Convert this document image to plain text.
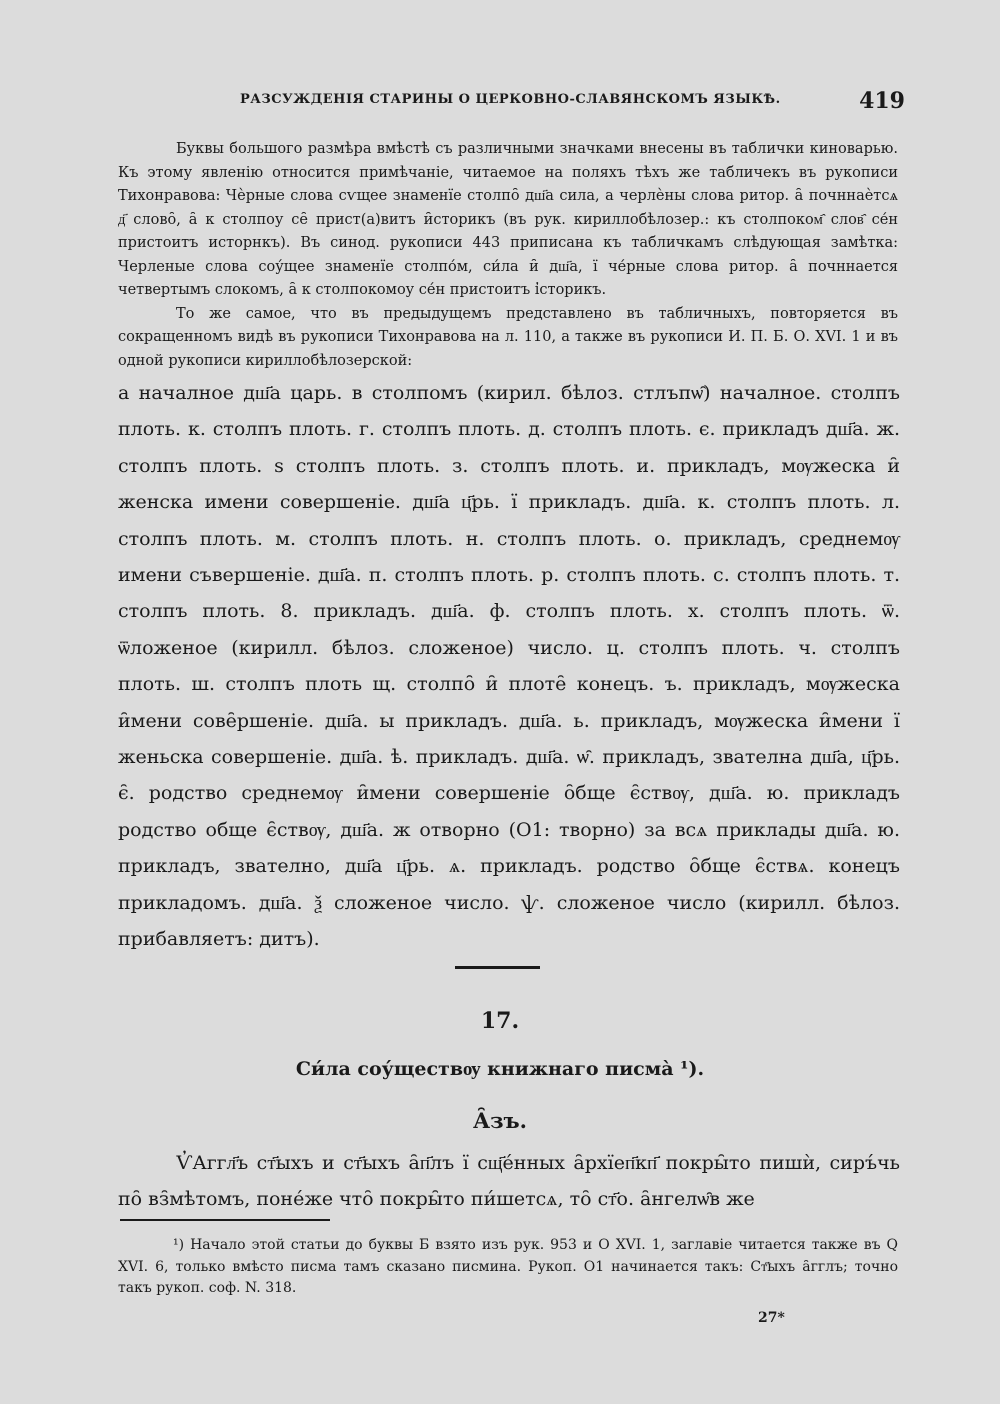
РАЗСУЖДЕНІЯ СТАРИНЫ О ЦЕРКОВНО-СЛАВЯНСКОМЪ ЯЗЫКѢ.	419

Буквы большого размѣра вмѣстѣ съ различными значками внесены въ таблички киноварью. Къ этому явленію относится примѣчаніе, читаемое на поляхъ тѣхъ же табличекъ въ рукописи Тихонравова: Чѐрные слова сѵщее знаменїе столпо̑ дш҃а сила, а черлѐны слова ритор. а̑ почннаѐтсѧ д҃ слово̑, а̑ к столпоу се̑ прист(а)витъ и̑сторикъ (въ рук. кириллобѣлозер.: къ столпоком҄ слов҄ се́н пристоитъ исторнкъ). Въ синод. рукописи 443 приписана къ табличкамъ слѣдующая замѣтка: Черленые слова соу́щее знаменїе столпо́м, си́ла и̑ дш҃а, ї че́рные слова ритор. а̑ почннается четвертымъ слокомъ, а̑ к столпокомоу се́н пристоитъ і̓сторикъ.

То же самое, что въ предыдущемъ представлено въ табличныхъ, повторяется въ сокращенномъ видѣ въ рукописи Тихонравова на л. 110, а также въ рукописи И. П. Б. О. XVI. 1 и въ одной рукописи кириллобѣлозерской:

а начaлное дш҃а царь. в столпомъ (кирил. бѣлоз. стлъпѡ̑) начaлное. столпъ плоть. к. столпъ плоть. г. столпъ плоть. д. столпъ плоть. є. прикладъ дш҃а. ж. столпъ плоть. ѕ столпъ плоть. з. столпъ плоть. и. прикладъ, мѹжеска и̑ женска имени совершеніе. дш҃а ц҃рь. ї прикладъ. дш҃а. к. столпъ плоть. л. столпъ плоть. м. столпъ плоть. н. столпъ плоть. о. прикладъ, среднемѹ имени съвершеніе. дш҃а. п. столпъ плоть. р. столпъ плоть. с. столпъ плоть. т. столпъ плоть. 8. прикладъ. дш҃а. ф. столпъ плоть. х. столпъ плоть. ѿ. ѿложеное (кирилл. бѣлоз. сложеное) число. ц. столпъ плоть. ч. столпъ плоть. ш. столпъ плоть щ. столпо̑ и̑ плоте̑ конецъ. ъ. прикладъ, мѹжеска и̑мени сове̑ршеніе. дш҃а. ы прикладъ. дш҃а. ь. прикладъ, мѹжеска и̑мени ї женьска совершеніе. дш҃а. ѣ. прикладъ. дш҃а. ѡ̑. прикладъ, звателна дш҃а, ц҃рь. є̑. родство среднемѹ и̑мени совершеніе о̑бще є̑ствѹ, дш҃а. ю. прикладъ родство обще є̑ствѹ, дш҃а. ж отворно (О1: творно) за всѧ приклады дш҃а. ю. прикладъ, звателно, дш҃а ц҃рь. ѧ. прикладъ. родство о̑бще є̑ствѧ. конецъ прикладомъ. дш҃а. ѯ сложеное число. ѱ. сложеное число (кирилл. бѣлоз. прибавляетъ: дитъ).

17.
Си́ла соу́ществѹ книжнаго писма̀ ¹).
А̑зъ.

Ѵ̓Аггл҃ъ ст҃ыхъ и ст҃ыхъ а̑п҃лъ ї сщ҃е́нных а̑рхїеп҃кп҃ покры̑то пишѝ, сиръ́чь по̑ вз̑мѣтомъ, поне́же что̑ покры̑то пи́шетсѧ, то̑ ст҃о. а̑нгелѡ̑в же

¹) Начало этой статьи до буквы Б взято изъ рук. 953 и О XVI. 1, заглавіе читается также въ Q XVI. 6, только вмѣсто писма тамъ сказано писмина. Рукоп. О1 начинается такъ: Ст҃ыхъ а̑гглъ; точно такъ рукоп. соф. N. 318.

27*
